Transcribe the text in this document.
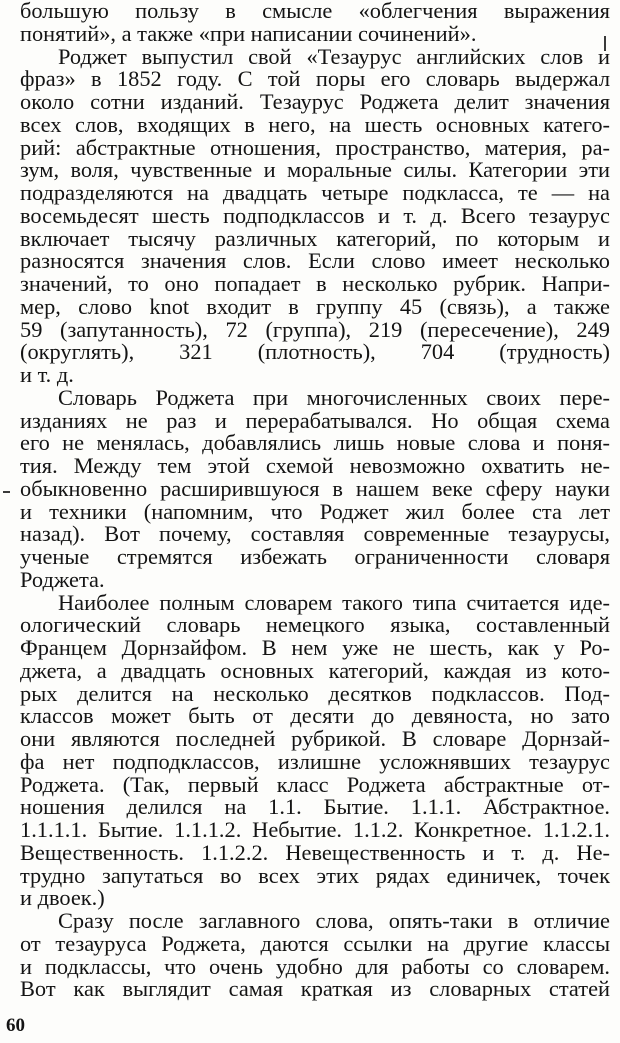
большую пользу в смысле «облегчения выражения
понятий», а также «при написании сочинений».
Роджет выпустил свой «Тезаурус английских слов и
фраз» в 1852 году. С той поры его словарь выдержал
около сотни изданий. Тезаурус Роджета делит значения
всех слов, входящих в него, на шесть основных катего-
рий: абстрактные отношения, пространство, материя, ра-
зум, воля, чувственные и моральные силы. Категории эти
подразделяются на двадцать четыре подкласса, те — на
восемьдесят шесть подподклассов и т. д. Всего тезаурус
включает тысячу различных категорий, по которым и
разносятся значения слов. Если слово имеет несколько
значений, то оно попадает в несколько рубрик. Напри-
мер, слово knot входит в группу 45 (связь), а также
59 (запутанность), 72 (группа), 219 (пересечение), 249
(округлять), 321 (плотность), 704 (трудность)
и т. д.
Словарь Роджета при многочисленных своих пере-
изданиях не раз и перерабатывался. Но общая схема
его не менялась, добавлялись лишь новые слова и поня-
тия. Между тем этой схемой невозможно охватить не-
обыкновенно расширившуюся в нашем веке сферу науки
и техники (напомним, что Роджет жил более ста лет
назад). Вот почему, составляя современные тезаурусы,
ученые стремятся избежать ограниченности словаря
Роджета.
Наиболее полным словарем такого типа считается иде-
ологический словарь немецкого языка, составленный
Францем Дорнзайфом. В нем уже не шесть, как у Ро-
джета, а двадцать основных категорий, каждая из кото-
рых делится на несколько десятков подклассов. Под-
классов может быть от десяти до девяноста, но зато
они являются последней рубрикой. В словаре Дорнзай-
фа нет подподклассов, излишне усложнявших тезаурус
Роджета. (Так, первый класс Роджета абстрактные от-
ношения делился на 1.1. Бытие. 1.1.1. Абстрактное.
1.1.1.1. Бытие. 1.1.1.2. Небытие. 1.1.2. Конкретное. 1.1.2.1.
Вещественность. 1.1.2.2. Невещественность и т. д. Не-
трудно запутаться во всех этих рядах единичек, точек
и двоек.)
Сразу после заглавного слова, опять-таки в отличие
от тезауруса Роджета, даются ссылки на другие классы
и подклассы, что очень удобно для работы со словарем.
Вот как выглядит самая краткая из словарных статей
60
